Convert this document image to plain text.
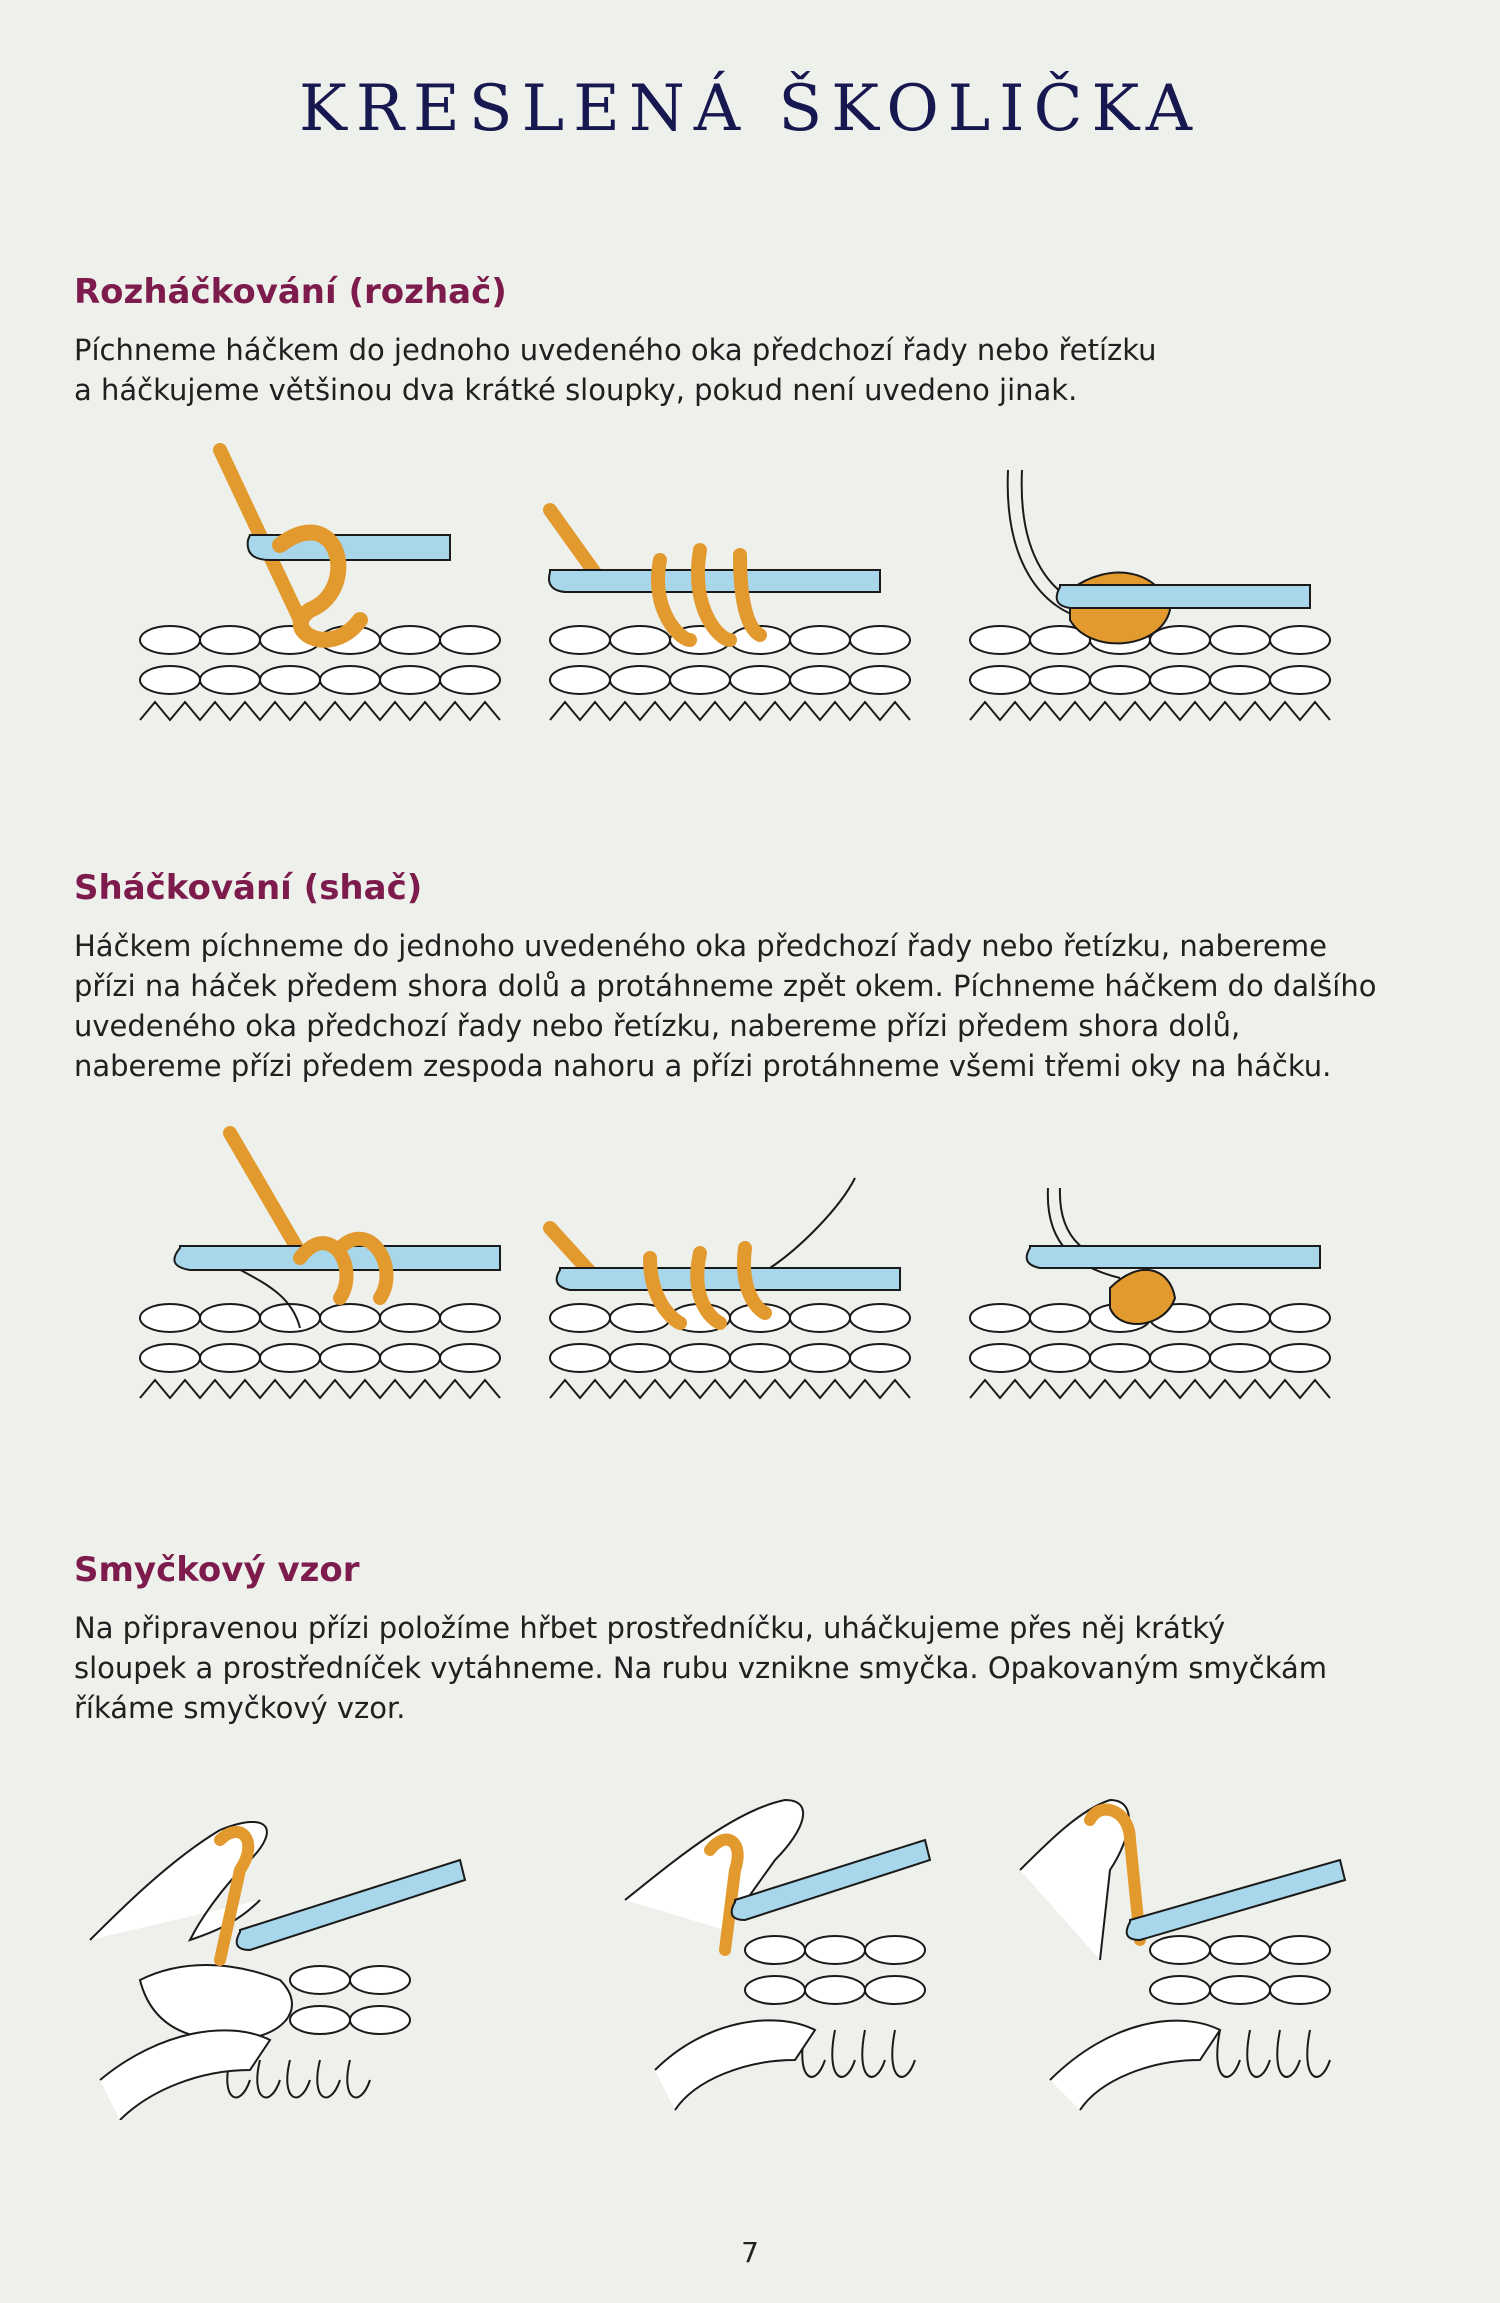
KRESLENÁ ŠKOLIČKA
Rozháčkování (rozhač)

Píchneme háčkem do jednoho uvedeného oka předchozí řady nebo řetízku
a háčkujeme většinou dva krátké sloupky, pokud není uvedeno jinak.

Sháčkování (shač)

Háčkem píchneme do jednoho uvedeného oka předchozí řady nebo řetízku, nabereme
přízi na háček předem shora dolů a protáhneme zpět okem. Píchneme háčkem do dalšího
uvedeného oka předchozí řady nebo řetízku, nabereme přízi předem shora dolů,
nabereme přízi předem zespoda nahoru a přízi protáhneme všemi třemi oky na háčku.

Smyčkový vzor

Na připravenou přízi položíme hřbet prostředníčku, uháčkujeme přes něj krátký
sloupek a prostředníček vytáhneme. Na rubu vznikne smyčka. Opakovaným smyčkám
říkáme smyčkový vzor.

7
